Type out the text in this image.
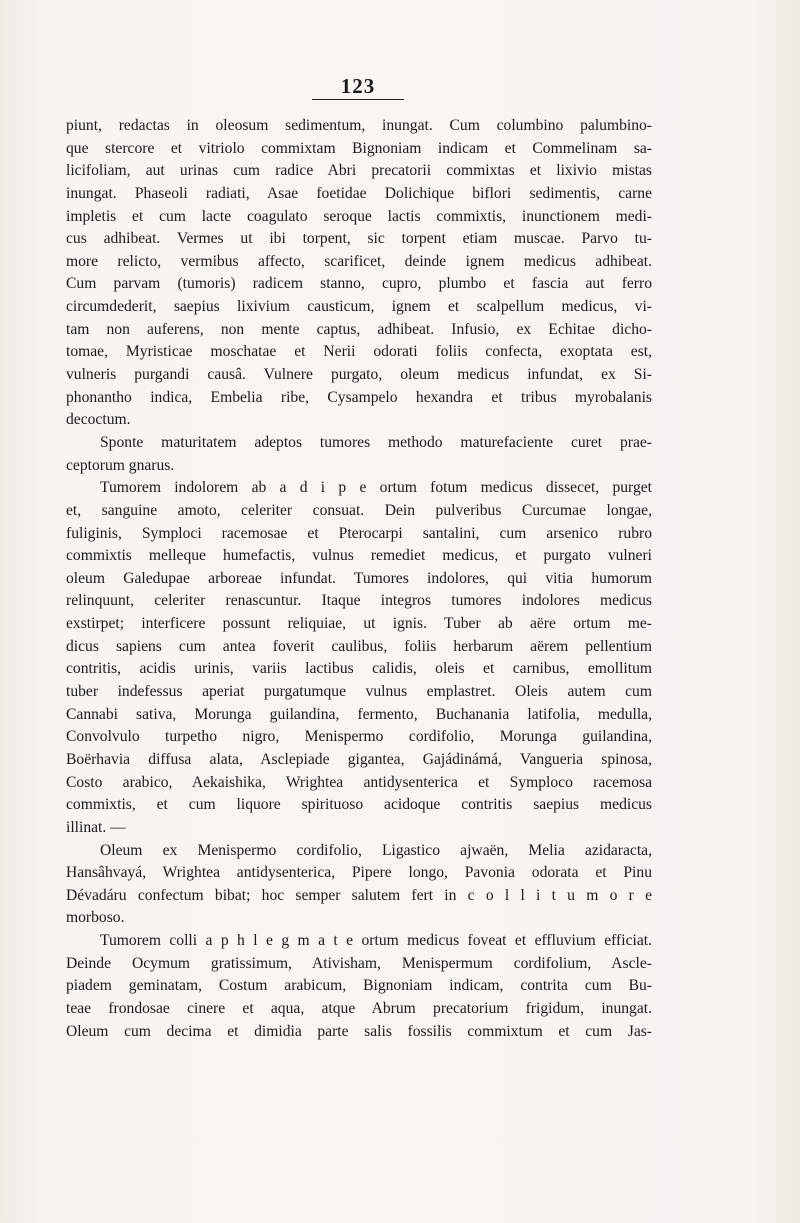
123
piunt, redactas in oleosum sedimentum, inungat. Cum columbino palumbino-
que stercore et vitriolo commixtam Bignoniam indicam et Commelinam sa-
licifoliam, aut urinas cum radice Abri precatorii commixtas et lixivio mistas
inungat. Phaseoli radiati, Asae foetidae Dolichique biflori sedimentis, carne
impletis et cum lacte coagulato seroque lactis commixtis, inunctionem medi-
cus adhibeat. Vermes ut ibi torpent, sic torpent etiam muscae. Parvo tu-
more relicto, vermibus affecto, scarificet, deinde ignem medicus adhibeat.
Cum parvam (tumoris) radicem stanno, cupro, plumbo et fascia aut ferro
circumdederit, saepius lixivium causticum, ignem et scalpellum medicus, vi-
tam non auferens, non mente captus, adhibeat. Infusio, ex Echitae dicho-
tomae, Myristicae moschatae et Nerii odorati foliis confecta, exoptata est,
vulneris purgandi causâ. Vulnere purgato, oleum medicus infundat, ex Si-
phonantho indica, Embelia ribe, Cysampelo hexandra et tribus myrobalanis
decoctum.
Sponte maturitatem adeptos tumores methodo maturefaciente curet prae-
ceptorum gnarus.
Tumorem indolorem ab a d i p e ortum fotum medicus dissecet, purget
et, sanguine amoto, celeriter consuat. Dein pulveribus Curcumae longae,
fuliginis, Symploci racemosae et Pterocarpi santalini, cum arsenico rubro
commixtis melleque humefactis, vulnus remediet medicus, et purgato vulneri
oleum Galedupae arboreae infundat. Tumores indolores, qui vitia humorum
relinquunt, celeriter renascuntur. Itaque integros tumores indolores medicus
exstirpet; interficere possunt reliquiae, ut ignis. Tuber ab aëre ortum me-
dicus sapiens cum antea foverit caulibus, foliis herbarum aërem pellentium
contritis, acidis urinis, variis lactibus calidis, oleis et carnibus, emollitum
tuber indefessus aperiat purgatumque vulnus emplastret. Oleis autem cum
Cannabi sativa, Morunga guilandina, fermento, Buchanania latifolia, medulla,
Convolvulo turpetho nigro, Menispermo cordifolio, Morunga guilandina,
Boërhavia diffusa alata, Asclepiade gigantea, Gajádinámá, Vangueria spinosa,
Costo arabico, Aekaishika, Wrightea antidysenterica et Symploco racemosa
commixtis, et cum liquore spirituoso acidoque contritis saepius medicus
illinat. —
Oleum ex Menispermo cordifolio, Ligastico ajwaën, Melia azidaracta,
Hansâhvayá, Wrightea antidysenterica, Pipere longo, Pavonia odorata et Pinu
Dévadáru confectum bibat; hoc semper salutem fert in c o l l i t u m o r e
morboso.
Tumorem colli a p h l e g m a t e ortum medicus foveat et effluvium efficiat.
Deinde Ocymum gratissimum, Ativisham, Menispermum cordifolium, Ascle-
piadem geminatam, Costum arabicum, Bignoniam indicam, contrita cum Bu-
teae frondosae cinere et aqua, atque Abrum precatorium frigidum, inungat.
Oleum cum decima et dimidia parte salis fossilis commixtum et cum Jas-
